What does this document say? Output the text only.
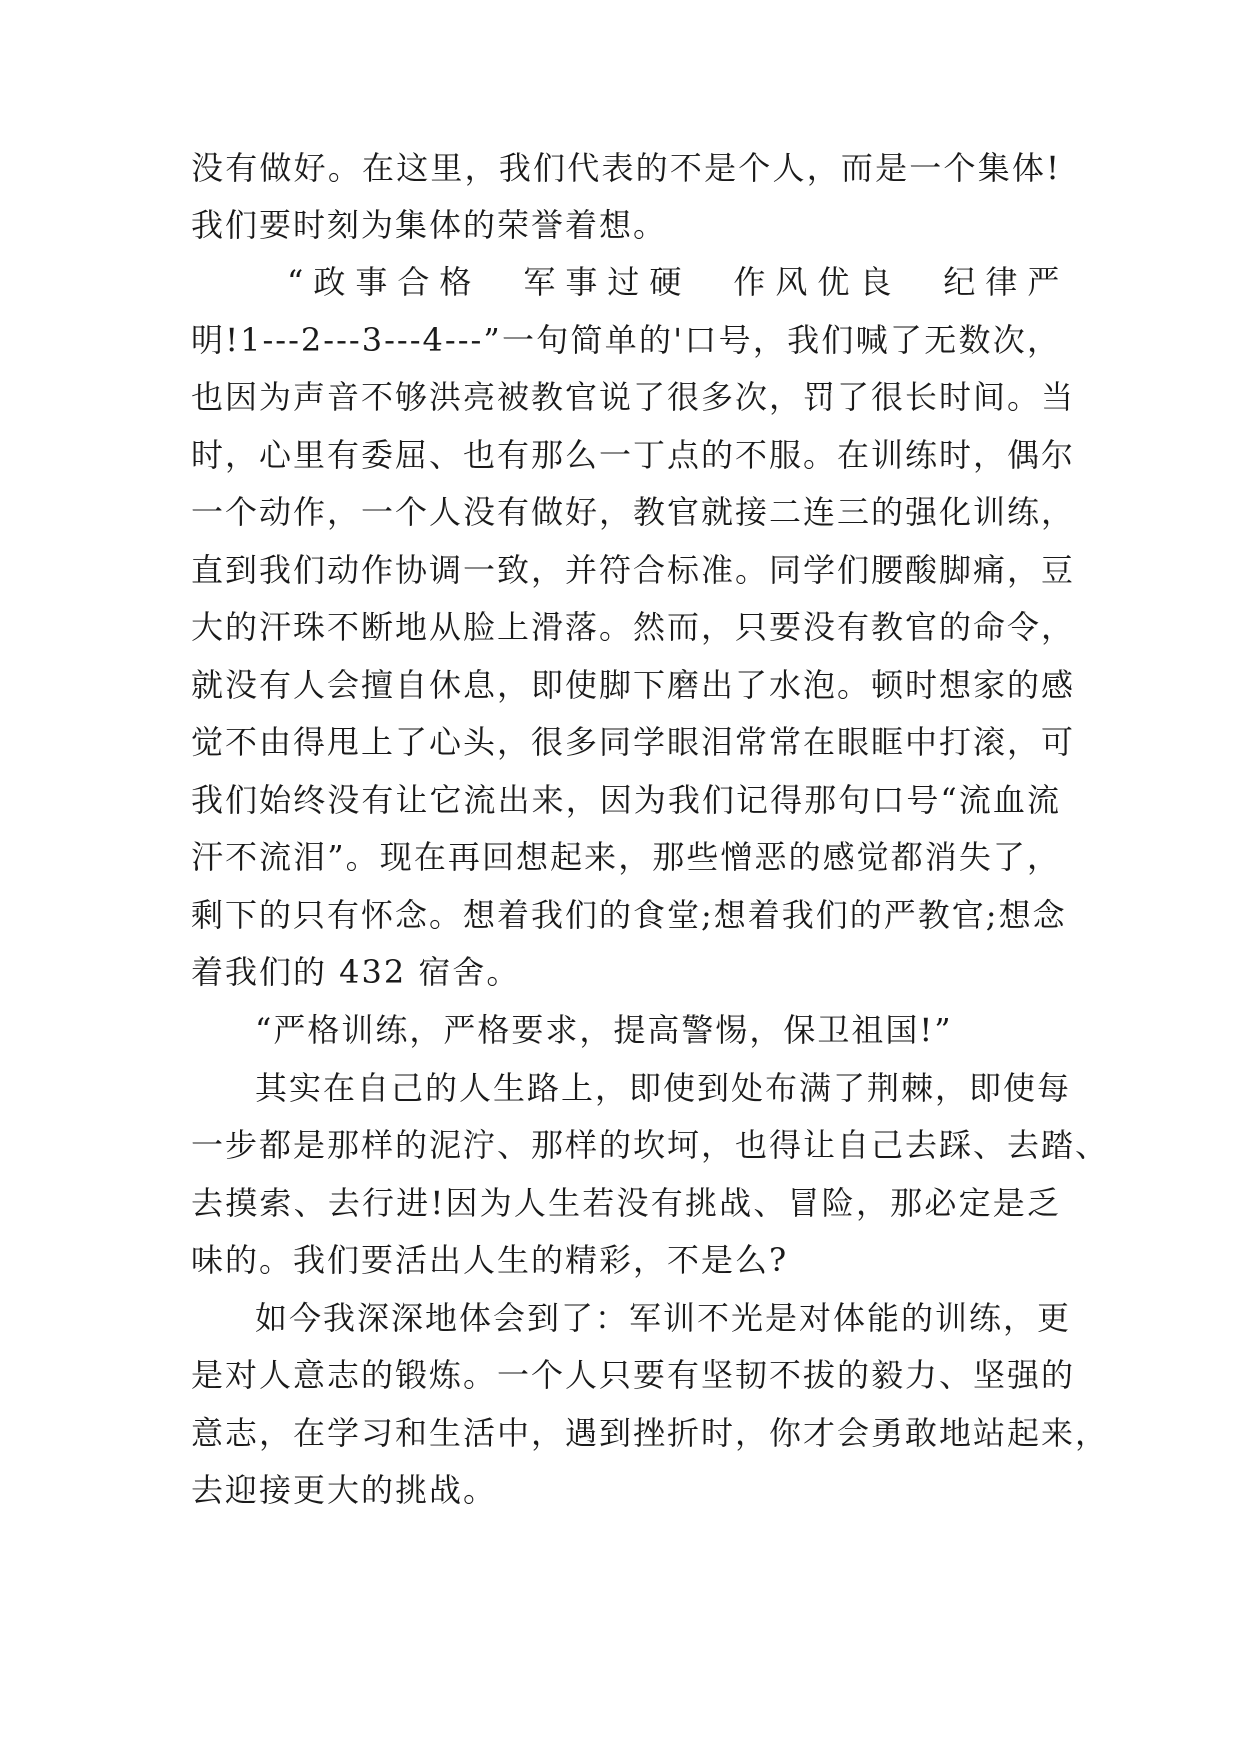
没有做好。在这里，我们代表的不是个人，而是一个集体!
我们要时刻为集体的荣誉着想。
“政事合格　军事过硬　作风优良　纪律严
明!1---2---3---4---”一句简单的'口号，我们喊了无数次，
也因为声音不够洪亮被教官说了很多次，罚了很长时间。当
时，心里有委屈、也有那么一丁点的不服。在训练时，偶尔
一个动作，一个人没有做好，教官就接二连三的强化训练，
直到我们动作协调一致，并符合标准。同学们腰酸脚痛，豆
大的汗珠不断地从脸上滑落。然而，只要没有教官的命令，
就没有人会擅自休息，即使脚下磨出了水泡。顿时想家的感
觉不由得甩上了心头，很多同学眼泪常常在眼眶中打滚，可
我们始终没有让它流出来，因为我们记得那句口号“流血流
汗不流泪”。现在再回想起来，那些憎恶的感觉都消失了，
剩下的只有怀念。想着我们的食堂;想着我们的严教官;想念
着我们的 432 宿舍。
“严格训练，严格要求，提高警惕，保卫祖国!”
其实在自己的人生路上，即使到处布满了荆棘，即使每
一步都是那样的泥泞、那样的坎坷，也得让自己去踩、去踏、
去摸索、去行进!因为人生若没有挑战、冒险，那必定是乏
味的。我们要活出人生的精彩，不是么?
如今我深深地体会到了：军训不光是对体能的训练，更
是对人意志的锻炼。一个人只要有坚韧不拔的毅力、坚强的
意志，在学习和生活中，遇到挫折时，你才会勇敢地站起来，
去迎接更大的挑战。
